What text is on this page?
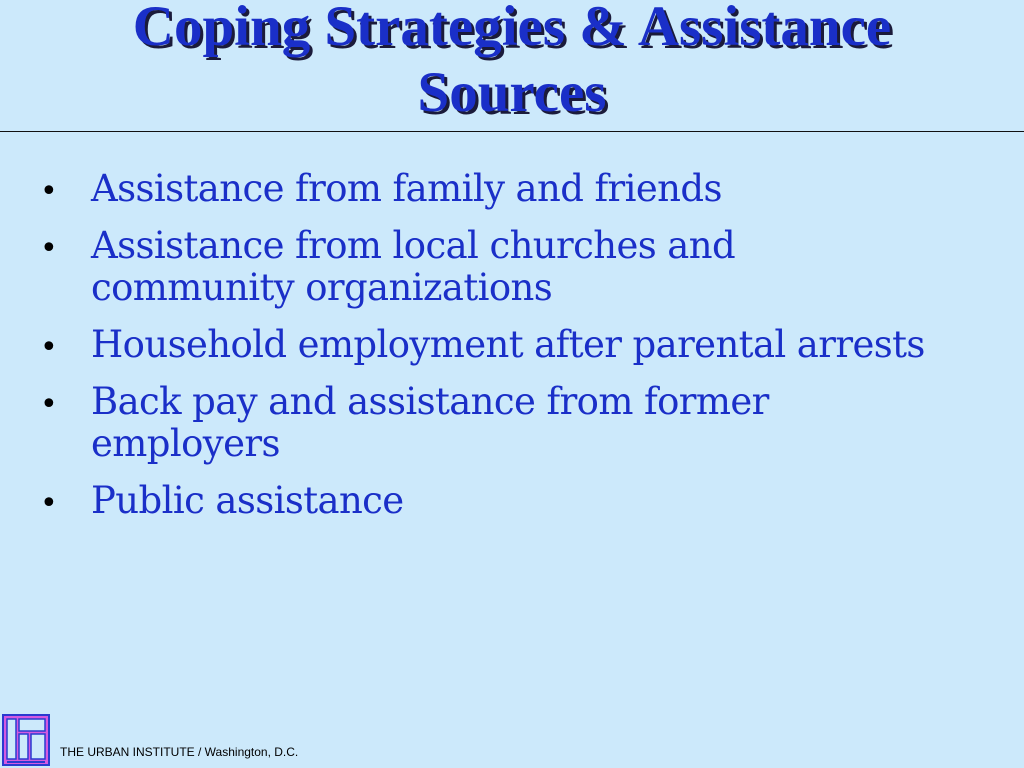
Coping Strategies & Assistance
Sources
• Assistance from family and friends
• Assistance from local churches and community organizations
• Household employment after parental arrests
• Back pay and assistance from former employers
• Public assistance
THE URBAN INSTITUTE / Washington, D.C.
